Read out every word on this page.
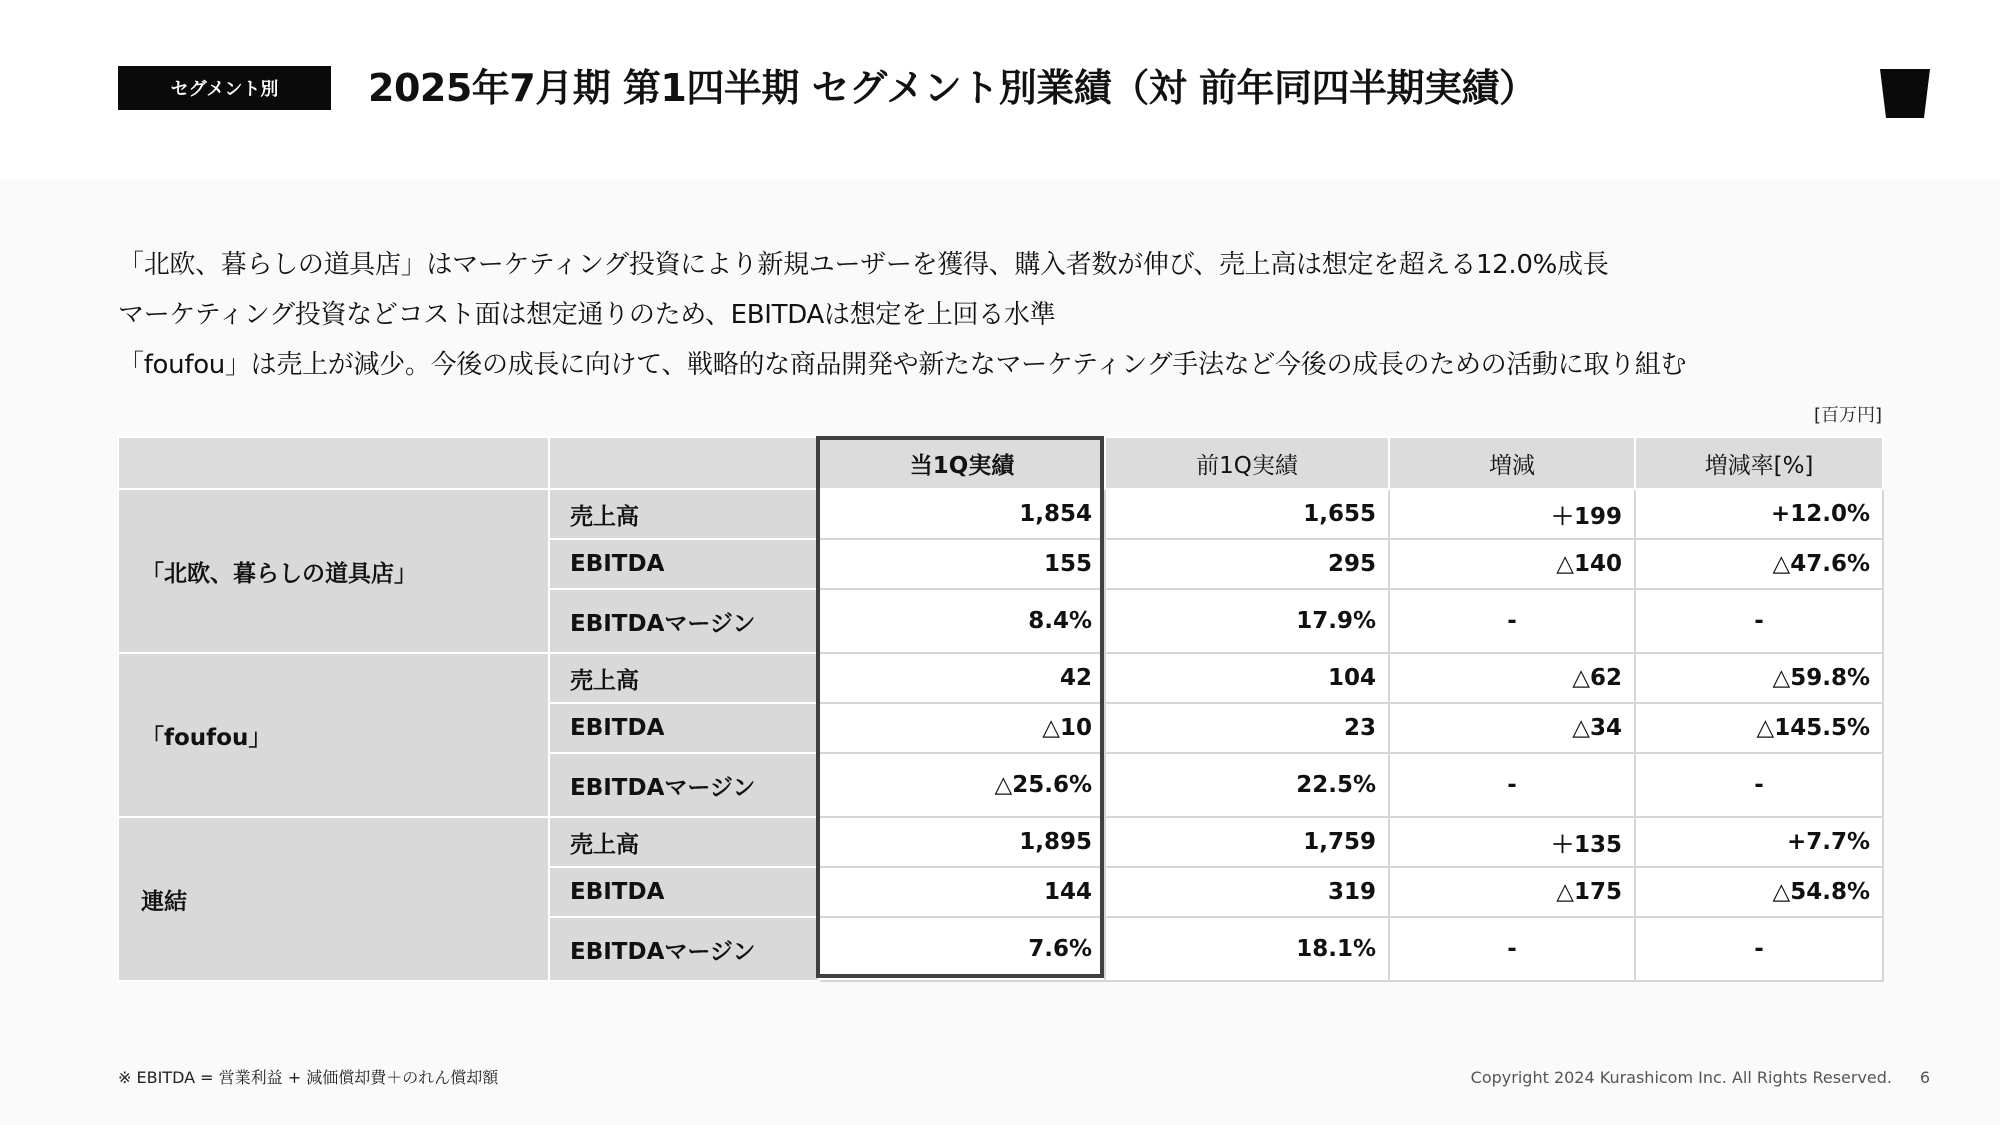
セグメント別	2025年7月期 第1四半期 セグメント別業績（対 前年同四半期実績）
「北欧、暮らしの道具店」はマーケティング投資により新規ユーザーを獲得、購入者数が伸び、売上高は想定を超える12.0%成長
マーケティング投資などコスト面は想定通りのため、EBITDAは想定を上回る水準
「foufou」は売上が減少。今後の成長に向けて、戦略的な商品開発や新たなマーケティング手法など今後の成長のための活動に取り組む
[百万円]
		当1Q実績	前1Q実績	増減	増減率[%]
「北欧、暮らしの道具店」	売上高	1,854	1,655	＋199	+12.0%
	EBITDA	155	295	△140	△47.6%
	EBITDAマージン	8.4%	17.9%	-	-
「foufou」	売上高	42	104	△62	△59.8%
	EBITDA	△10	23	△34	△145.5%
	EBITDAマージン	△25.6%	22.5%	-	-
連結	売上高	1,895	1,759	＋135	+7.7%
	EBITDA	144	319	△175	△54.8%
	EBITDAマージン	7.6%	18.1%	-	-
※ EBITDA = 営業利益 + 減価償却費＋のれん償却額	Copyright 2024 Kurashicom Inc. All Rights Reserved. 6
